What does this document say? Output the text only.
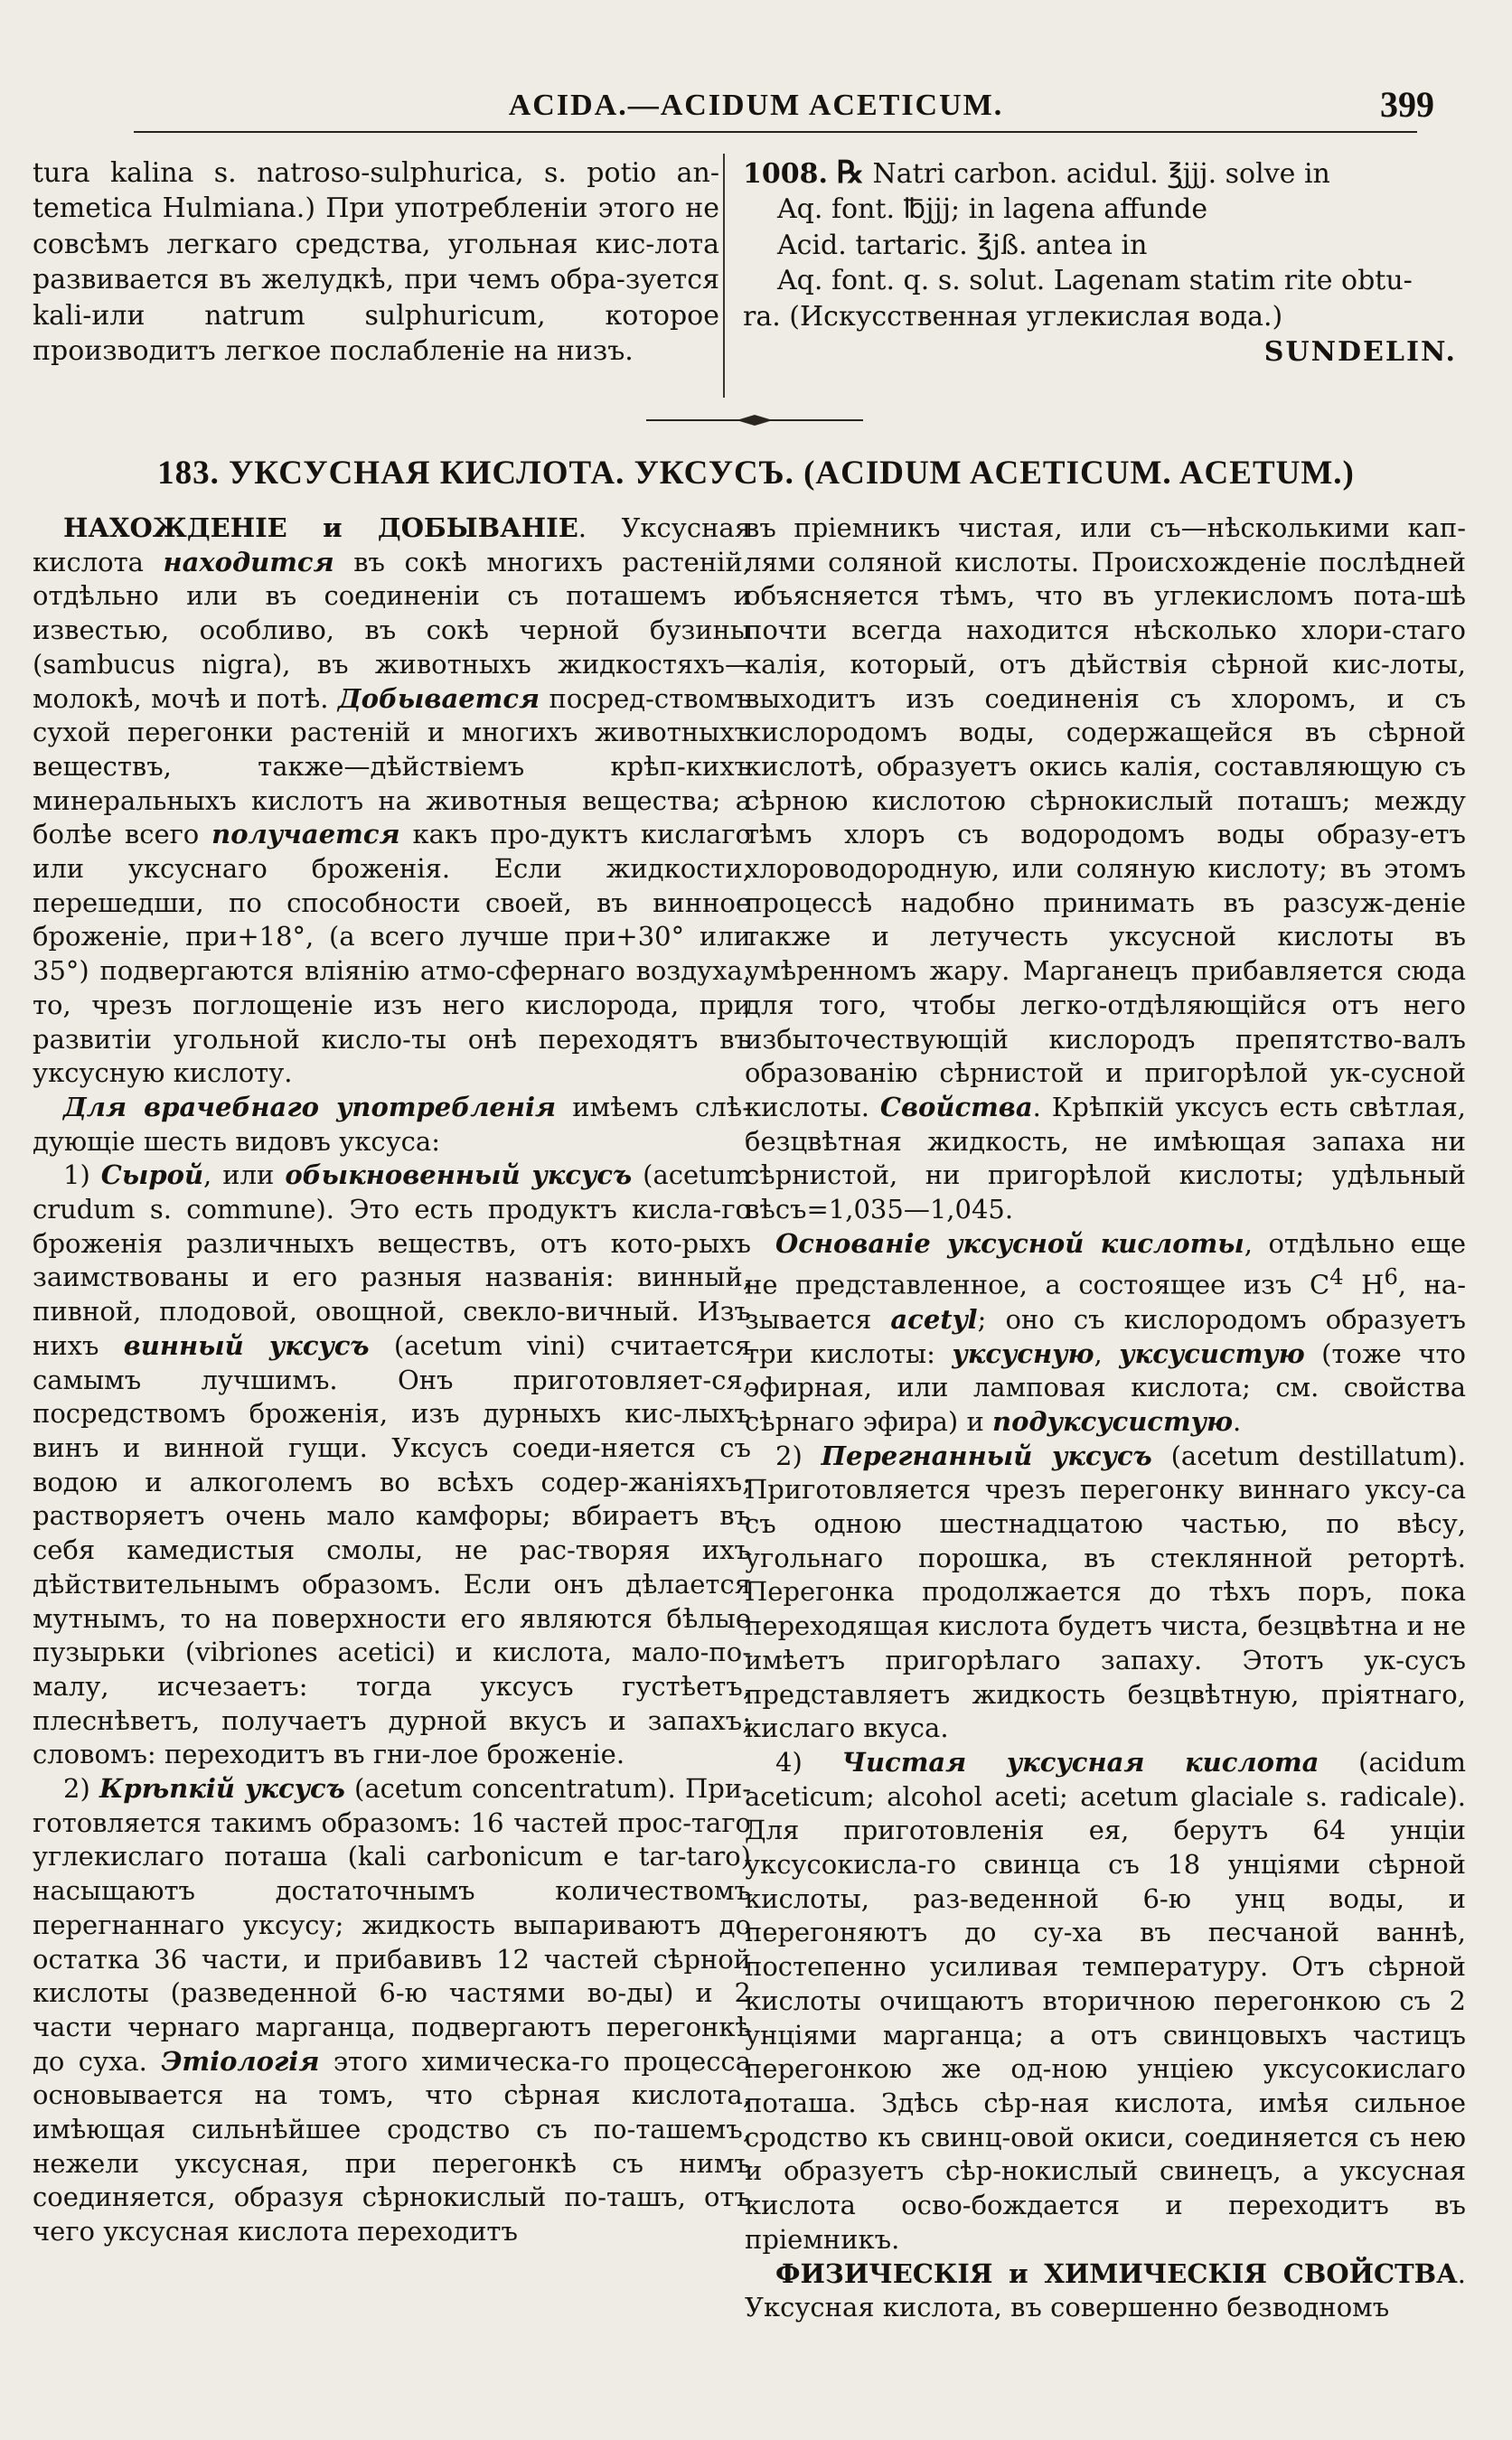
ACIDA.—ACIDUM ACETICUM.	399

tura kalina s. natroso-sulphurica, s. potio an-temetica Hulmiana.) При употребленіи этого не совсѣмъ легкаго средства, угольная кис-лота развивается въ желудкѣ, при чемъ обра-зуется kali-или natrum sulphuricum, которое производитъ легкое послабленіе на низъ.

1008. ℞ Natri carbon. acidul. ℥jjj. solve in
Aq. font. ℔jjj; in lagena affunde
Acid. tartaric. ℥jß. antea in
Aq. font. q. s. solut. Lagenam statim rite obtu-
ra. (Искусственная углекислая вода.)
SUNDELIN.
183. УКСУСНАЯ КИСЛОТА. УКСУСЪ. (ACIDUM ACETICUM. ACETUM.)

НАХОЖДЕНІЕ и ДОБЫВАНІЕ. Уксусная кислота находится въ сокѣ многихъ растеній, отдѣльно или въ соединеніи съ поташемъ и известью, особливо, въ сокѣ черной бузины (sambucus nigra), въ животныхъ жидкостяхъ— молокѣ, мочѣ и потѣ. Добывается посред-ствомъ сухой перегонки растеній и многихъ животныхъ веществъ, также—дѣйствіемъ крѣп-кихъ минеральныхъ кислотъ на животныя вещества; а болѣе всего получается какъ про-дуктъ кислаго или уксуснаго броженія. Если жидкости, перешедши, по способности своей, въ винное броженіе, при+18°, (а всего лучше при+30° или 35°) подвергаются вліянію атмо-сфернаго воздуха, то, чрезъ поглощеніе изъ него кислорода, при развитіи угольной кисло-ты онѣ переходятъ въ уксусную кислоту.

Для врачебнаго употребленія имѣемъ слѣ-дующіе шесть видовъ уксуса:

1) Сырой, или обыкновенный уксусъ (acetum crudum s. commune). Это есть продуктъ кисла-го броженія различныхъ веществъ, отъ кото-рыхъ заимствованы и его разныя названія: винный, пивной, плодовой, овощной, свекло-вичный. Изъ нихъ винный уксусъ (acetum vini) считается самымъ лучшимъ. Онъ приготовляет-ся, посредствомъ броженія, изъ дурныхъ кис-лыхъ винъ и винной гущи. Уксусъ соеди-няется съ водою и алкоголемъ во всѣхъ содер-жаніяхъ; растворяетъ очень мало камфоры; вбираетъ въ себя камедистыя смолы, не рас-творяя ихъ дѣйствительнымъ образомъ. Если онъ дѣлается мутнымъ, то на поверхности его являются бѣлые пузырьки (vibriones acetici) и кислота, мало-по-малу, исчезаетъ: тогда уксусъ густѣетъ, плеснѣветъ, получаетъ дурной вкусъ и запахъ; словомъ: переходитъ въ гни-лое броженіе.

2) Крѣпкій уксусъ (acetum concentratum). При-готовляется такимъ образомъ: 16 частей прос-таго углекислаго поташа (kali carbonicum e tar-taro) насыщаютъ достаточнымъ количествомъ перегнаннаго уксусу; жидкость выпариваютъ до остатка 36 части, и прибавивъ 12 частей сѣрной кислоты (разведенной 6-ю частями во-ды) и 2 части чернаго марганца, подвергаютъ перегонкѣ до суха. Этіологія этого химическа-го процесса основывается на томъ, что сѣрная кислота, имѣющая сильнѣйшее сродство съ по-ташемъ, нежели уксусная, при перегонкѣ съ нимъ соединяется, образуя сѣрнокислый по-ташъ, отъ чего уксусная кислота переходитъ

въ пріемникъ чистая, или съ—нѣсколькими кап-лями соляной кислоты. Происхожденіе послѣдней объясняется тѣмъ, что въ углекисломъ пота-шѣ почти всегда находится нѣсколько хлори-стаго калія, который, отъ дѣйствія сѣрной кис-лоты, выходитъ изъ соединенія съ хлоромъ, и съ кислородомъ воды, содержащейся въ сѣрной кислотѣ, образуетъ окись калія, составляющую съ сѣрною кислотою сѣрнокислый поташъ; между тѣмъ хлоръ съ водородомъ воды образу-етъ хлороводородную, или соляную кислоту; въ этомъ процессѣ надобно принимать въ разсуж-деніе также и летучесть уксусной кислоты въ умѣренномъ жару. Марганецъ прибавляется сюда для того, чтобы легко-отдѣляющійся отъ него избыточествующій кислородъ препятство-валъ образованію сѣрнистой и пригорѣлой ук-сусной кислоты. Свойства. Крѣпкій уксусъ есть свѣтлая, безцвѣтная жидкость, не имѣющая запаха ни сѣрнистой, ни пригорѣлой кислоты; удѣльный вѣсъ=1,035—1,045.

Основаніе уксусной кислоты, отдѣльно еще не представленное, а состоящее изъ $C^4$ $H^6$, на-зывается acetyl; оно съ кислородомъ образуетъ три кислоты: уксусную, уксусистую (тоже что эфирная, или ламповая кислота; см. свойства сѣрнаго эфира) и подуксусистую.

2) Перегнанный уксусъ (acetum destillatum). Приготовляется чрезъ перегонку виннаго уксу-са съ одною шестнадцатою частью, по вѣсу, угольнаго порошка, въ стеклянной ретортѣ. Перегонка продолжается до тѣхъ поръ, пока переходящая кислота будетъ чиста, безцвѣтна и не имѣетъ пригорѣлаго запаху. Этотъ ук-сусъ представляетъ жидкость безцвѣтную, пріятнаго, кислаго вкуса.

4) Чистая уксусная кислота (acidum aceticum; alcohol aceti; acetum glaciale s. radicale). Для приготовленія ея, берутъ 64 унціи уксусокисла-го свинца съ 18 унціями сѣрной кислоты, раз-веденной 6-ю унц воды, и перегоняютъ до су-ха въ песчаной ваннѣ, постепенно усиливая температуру. Отъ сѣрной кислоты очищаютъ вторичною перегонкою съ 2 унціями марганца; а отъ свинцовыхъ частицъ перегонкою же од-ною унціею уксусокислаго поташа. Здѣсь сѣр-ная кислота, имѣя сильное сродство къ свинц-овой окиси, соединяется съ нею и образуетъ сѣр-нокислый свинецъ, а уксусная кислота осво-бождается и переходитъ въ пріемникъ.

ФИЗИЧЕСКІЯ и ХИМИЧЕСКІЯ СВОЙСТВА. Уксусная кислота, въ совершенно безводномъ
